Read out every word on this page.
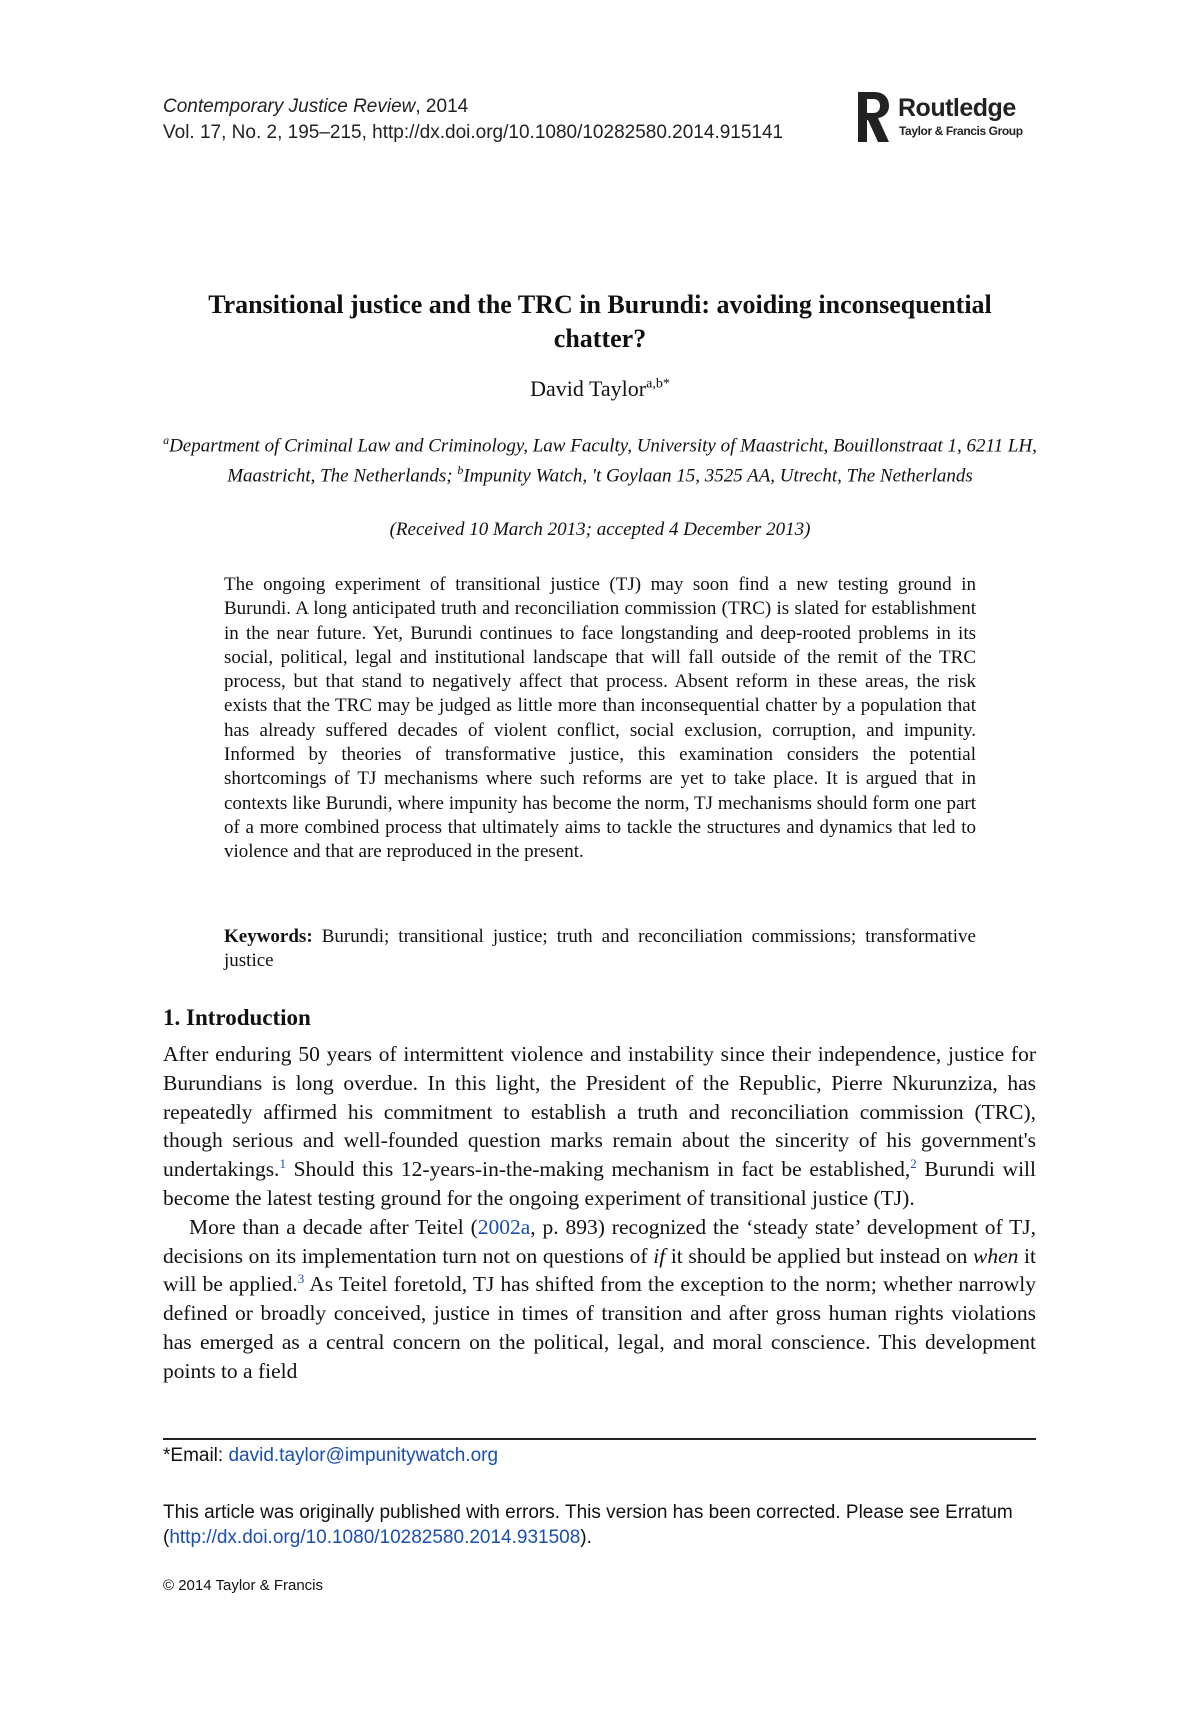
Contemporary Justice Review, 2014
Vol. 17, No. 2, 195–215, http://dx.doi.org/10.1080/10282580.2014.915141
Routledge
Taylor & Francis Group
Transitional justice and the TRC in Burundi: avoiding inconsequential chatter?
David Taylor$^{a,b*}$
$^a$Department of Criminal Law and Criminology, Law Faculty, University of Maastricht, Bouillonstraat 1, 6211 LH, Maastricht, The Netherlands; $^b$Impunity Watch, 't Goylaan 15, 3525 AA, Utrecht, The Netherlands
(Received 10 March 2013; accepted 4 December 2013)
The ongoing experiment of transitional justice (TJ) may soon find a new testing ground in Burundi. A long anticipated truth and reconciliation commission (TRC) is slated for establishment in the near future. Yet, Burundi continues to face longstanding and deep-rooted problems in its social, political, legal and institutional landscape that will fall outside of the remit of the TRC process, but that stand to negatively affect that process. Absent reform in these areas, the risk exists that the TRC may be judged as little more than inconsequential chatter by a population that has already suffered decades of violent conflict, social exclusion, corruption, and impunity. Informed by theories of transformative justice, this examination considers the potential shortcomings of TJ mechanisms where such reforms are yet to take place. It is argued that in contexts like Burundi, where impunity has become the norm, TJ mechanisms should form one part of a more combined process that ultimately aims to tackle the structures and dynamics that led to violence and that are reproduced in the present.
Keywords: Burundi; transitional justice; truth and reconciliation commissions; transformative justice
1. Introduction

After enduring 50 years of intermittent violence and instability since their independence, justice for Burundians is long overdue. In this light, the President of the Republic, Pierre Nkurunziza, has repeatedly affirmed his commitment to establish a truth and reconciliation commission (TRC), though serious and well-founded question marks remain about the sincerity of his government's undertakings.$^1$ Should this 12-years-in-the-making mechanism in fact be established,$^2$ Burundi will become the latest testing ground for the ongoing experiment of transitional justice (TJ).

More than a decade after Teitel (2002a, p. 893) recognized the ‘steady state’ development of TJ, decisions on its implementation turn not on questions of if it should be applied but instead on when it will be applied.$^3$ As Teitel foretold, TJ has shifted from the exception to the norm; whether narrowly defined or broadly conceived, justice in times of transition and after gross human rights violations has emerged as a central concern on the political, legal, and moral conscience. This development points to a field

*Email: david.taylor@impunitywatch.org
This article was originally published with errors. This version has been corrected. Please see Erratum (http://dx.doi.org/10.1080/10282580.2014.931508).
© 2014 Taylor & Francis
